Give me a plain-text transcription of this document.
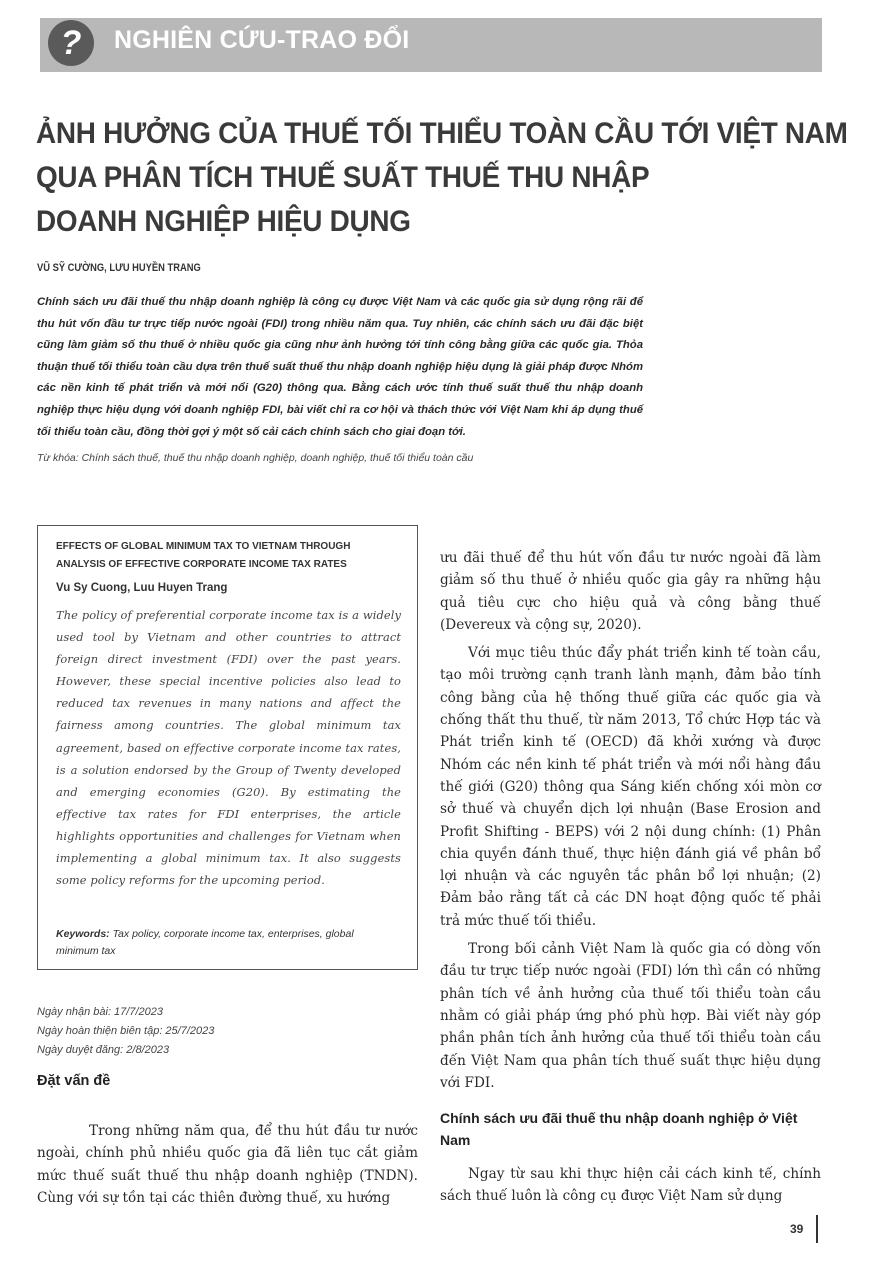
?	NGHIÊN CỨU-TRAO ĐỔI
ẢNH HƯỞNG CỦA THUẾ TỐI THIỂU TOÀN CẦU TỚI VIỆT NAM
QUA PHÂN TÍCH THUẾ SUẤT THUẾ THU NHẬP
DOANH NGHIỆP HIỆU DỤNG
VŨ SỸ CƯỜNG, LƯU HUYỀN TRANG
Chính sách ưu đãi thuế thu nhập doanh nghiệp là công cụ được Việt Nam và các quốc gia sử dụng rộng rãi để thu hút vốn đầu tư trực tiếp nước ngoài (FDI) trong nhiều năm qua. Tuy nhiên, các chính sách ưu đãi đặc biệt cũng làm giảm số thu thuế ở nhiều quốc gia cũng như ảnh hưởng tới tính công bằng giữa các quốc gia. Thỏa thuận thuế tối thiểu toàn cầu dựa trên thuế suất thuế thu nhập doanh nghiệp hiệu dụng là giải pháp được Nhóm các nền kinh tế phát triển và mới nổi (G20) thông qua. Bằng cách ước tính thuế suất thuế thu nhập doanh nghiệp thực hiệu dụng với doanh nghiệp FDI, bài viết chỉ ra cơ hội và thách thức với Việt Nam khi áp dụng thuế tối thiểu toàn cầu, đồng thời gợi ý một số cải cách chính sách cho giai đoạn tới.
Từ khóa: Chính sách thuế, thuế thu nhập doanh nghiệp, doanh nghiệp, thuế tối thiểu toàn cầu
EFFECTS OF GLOBAL MINIMUM TAX TO VIETNAM THROUGH ANALYSIS OF EFFECTIVE CORPORATE INCOME TAX RATES
Vu Sy Cuong, Luu Huyen Trang
The policy of preferential corporate income tax is a widely used tool by Vietnam and other countries to attract foreign direct investment (FDI) over the past years. However, these special incentive policies also lead to reduced tax revenues in many nations and affect the fairness among countries. The global minimum tax agreement, based on effective corporate income tax rates, is a solution endorsed by the Group of Twenty developed and emerging economies (G20). By estimating the effective tax rates for FDI enterprises, the article highlights opportunities and challenges for Vietnam when implementing a global minimum tax. It also suggests some policy reforms for the upcoming period.
Keywords: Tax policy, corporate income tax, enterprises, global minimum tax
Ngày nhận bài: 17/7/2023
Ngày hoàn thiện biên tập: 25/7/2023
Ngày duyệt đăng: 2/8/2023
Đặt vấn đề
Trong những năm qua, để thu hút đầu tư nước ngoài, chính phủ nhiều quốc gia đã liên tục cắt giảm mức thuế suất thuế thu nhập doanh nghiệp (TNDN). Cùng với sự tồn tại các thiên đường thuế, xu hướng

ưu đãi thuế để thu hút vốn đầu tư nước ngoài đã làm giảm số thu thuế ở nhiều quốc gia gây ra những hậu quả tiêu cực cho hiệu quả và công bằng thuế (Devereux và cộng sự, 2020).

Với mục tiêu thúc đẩy phát triển kinh tế toàn cầu, tạo môi trường cạnh tranh lành mạnh, đảm bảo tính công bằng của hệ thống thuế giữa các quốc gia và chống thất thu thuế, từ năm 2013, Tổ chức Hợp tác và Phát triển kinh tế (OECD) đã khởi xướng và được Nhóm các nền kinh tế phát triển và mới nổi hàng đầu thế giới (G20) thông qua Sáng kiến chống xói mòn cơ sở thuế và chuyển dịch lợi nhuận (Base Erosion and Profit Shifting - BEPS) với 2 nội dung chính: (1) Phân chia quyền đánh thuế, thực hiện đánh giá về phân bổ lợi nhuận và các nguyên tắc phân bổ lợi nhuận; (2) Đảm bảo rằng tất cả các DN hoạt động quốc tế phải trả mức thuế tối thiểu.

Trong bối cảnh Việt Nam là quốc gia có dòng vốn đầu tư trực tiếp nước ngoài (FDI) lớn thì cần có những phân tích về ảnh hưởng của thuế tối thiểu toàn cầu nhằm có giải pháp ứng phó phù hợp. Bài viết này góp phần phân tích ảnh hưởng của thuế tối thiểu toàn cầu đến Việt Nam qua phân tích thuế suất thực hiệu dụng với FDI.

Chính sách ưu đãi thuế thu nhập doanh nghiệp ở Việt Nam
Ngay từ sau khi thực hiện cải cách kinh tế, chính sách thuế luôn là công cụ được Việt Nam sử dụng
39
